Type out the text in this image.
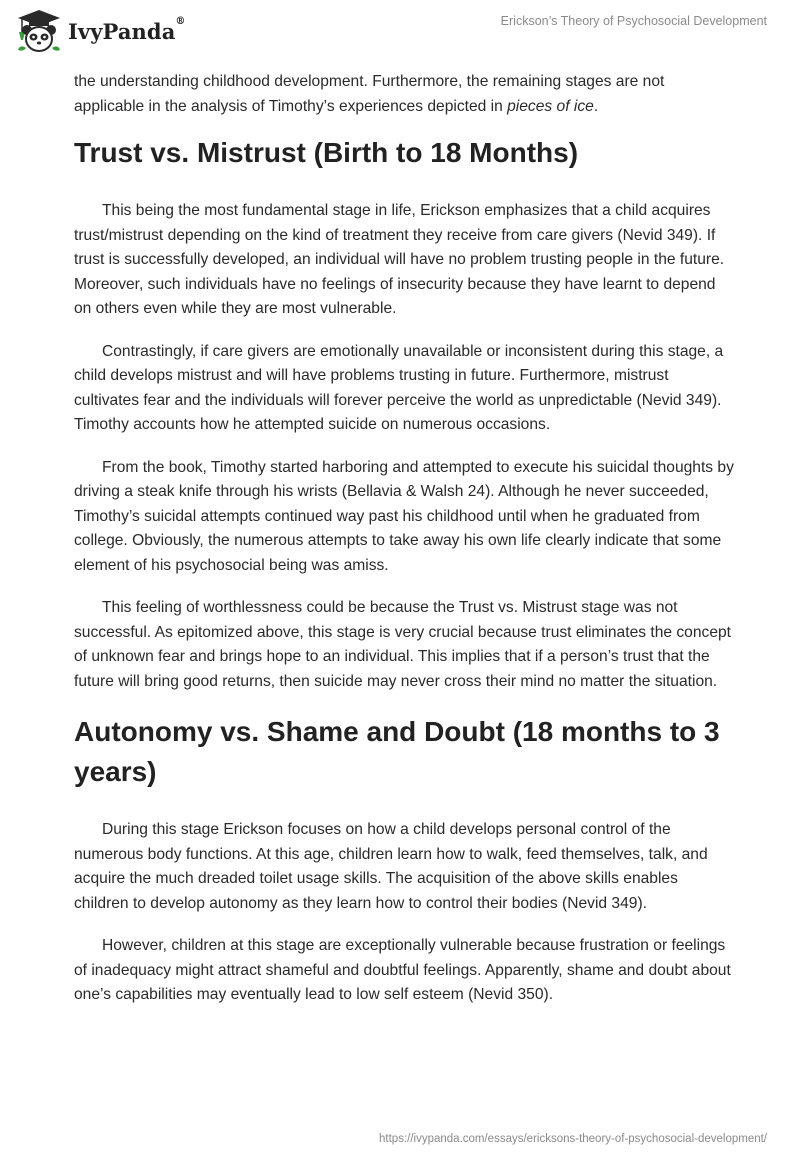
IvyPanda®	Erickson’s Theory of Psychosocial Development

the understanding childhood development. Furthermore, the remaining stages are not applicable in the analysis of Timothy’s experiences depicted in pieces of ice.

Trust vs. Mistrust (Birth to 18 Months)

This being the most fundamental stage in life, Erickson emphasizes that a child acquires trust/mistrust depending on the kind of treatment they receive from care givers (Nevid 349). If trust is successfully developed, an individual will have no problem trusting people in the future. Moreover, such individuals have no feelings of insecurity because they have learnt to depend on others even while they are most vulnerable.

Contrastingly, if care givers are emotionally unavailable or inconsistent during this stage, a child develops mistrust and will have problems trusting in future. Furthermore, mistrust cultivates fear and the individuals will forever perceive the world as unpredictable (Nevid 349). Timothy accounts how he attempted suicide on numerous occasions.

From the book, Timothy started harboring and attempted to execute his suicidal thoughts by driving a steak knife through his wrists (Bellavia & Walsh 24). Although he never succeeded, Timothy’s suicidal attempts continued way past his childhood until when he graduated from college. Obviously, the numerous attempts to take away his own life clearly indicate that some element of his psychosocial being was amiss.

This feeling of worthlessness could be because the Trust vs. Mistrust stage was not successful. As epitomized above, this stage is very crucial because trust eliminates the concept of unknown fear and brings hope to an individual. This implies that if a person’s trust that the future will bring good returns, then suicide may never cross their mind no matter the situation.

Autonomy vs. Shame and Doubt (18 months to 3 years)

During this stage Erickson focuses on how a child develops personal control of the numerous body functions. At this age, children learn how to walk, feed themselves, talk, and acquire the much dreaded toilet usage skills. The acquisition of the above skills enables children to develop autonomy as they learn how to control their bodies (Nevid 349).

However, children at this stage are exceptionally vulnerable because frustration or feelings of inadequacy might attract shameful and doubtful feelings. Apparently, shame and doubt about one’s capabilities may eventually lead to low self esteem (Nevid 350).

https://ivypanda.com/essays/ericksons-theory-of-psychosocial-development/
